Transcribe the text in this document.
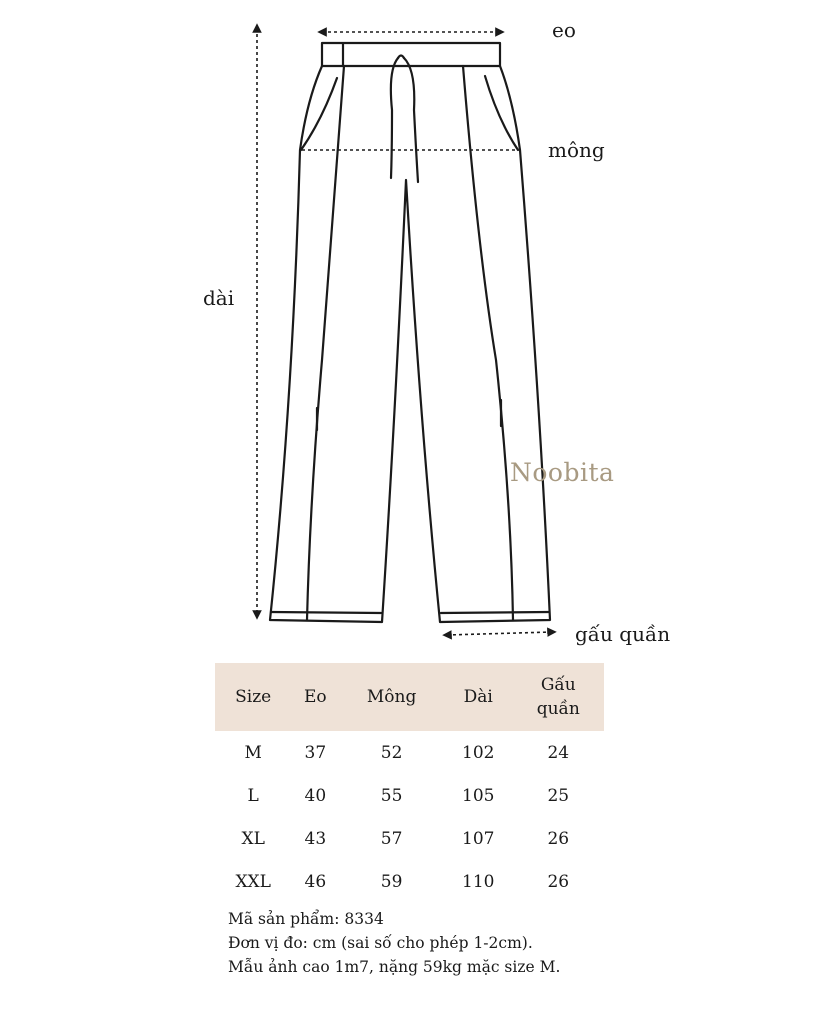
eo
mông
dài
gấu quần
Noobita
Size	Eo	Mông	Dài	Gấu
quần
M	37	52	102	24
L	40	55	105	25
XL	43	57	107	26
XXL	46	59	110	26
Mã sản phẩm: 8334
Đơn vị đo: cm (sai số cho phép 1-2cm).
Mẫu ảnh cao 1m7, nặng 59kg mặc size M.
